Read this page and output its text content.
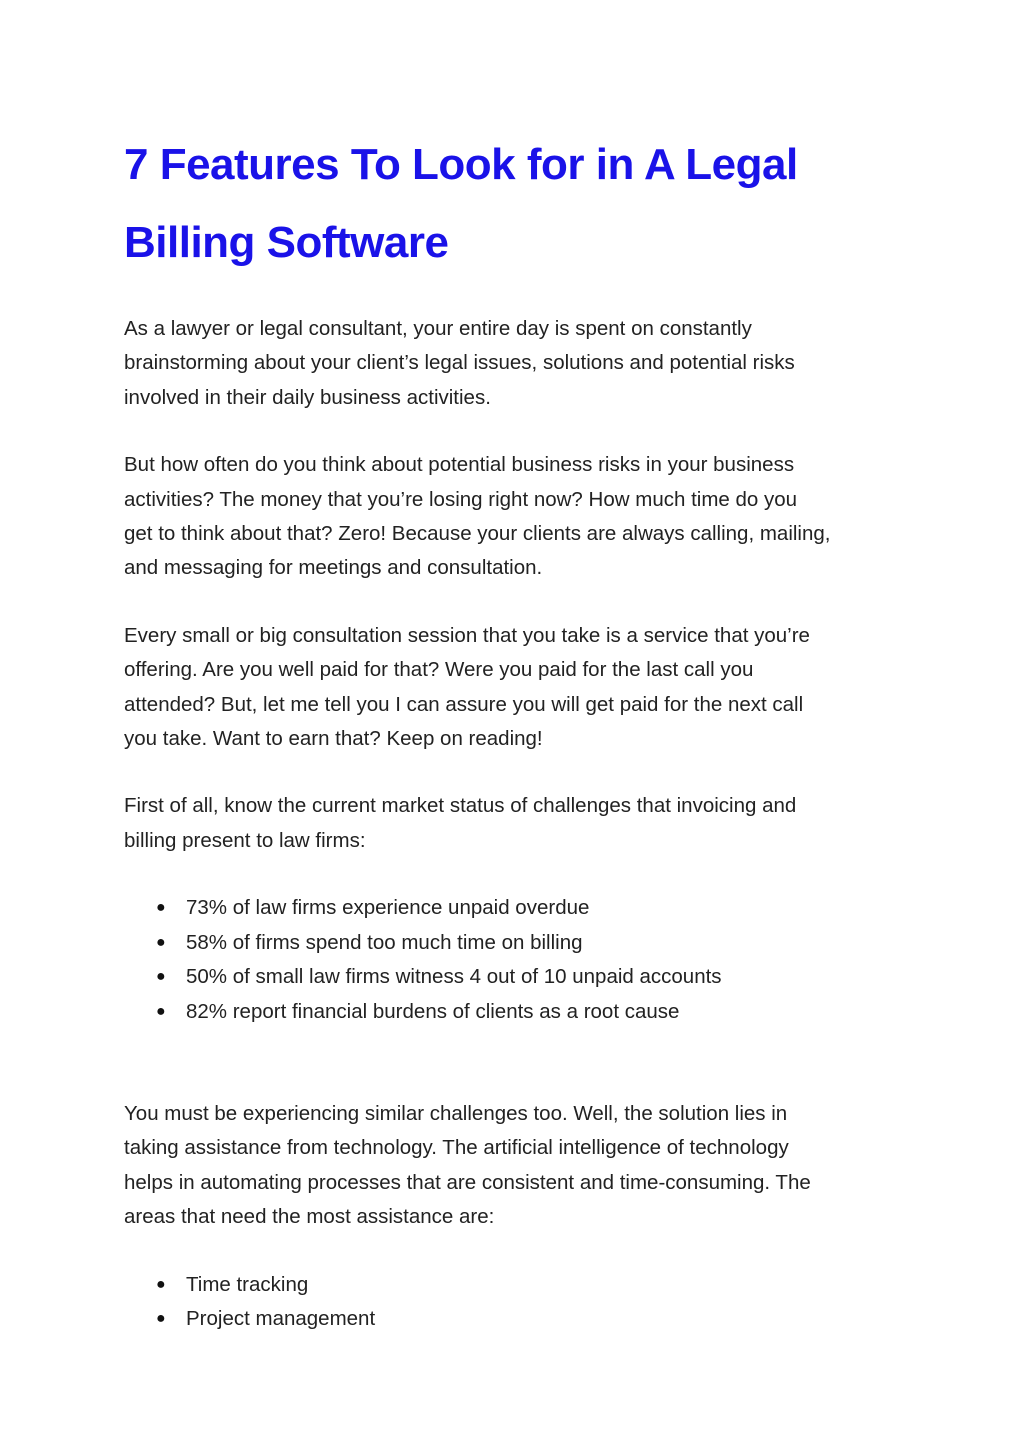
7 Features To Look for in A Legal
Billing Software

As a lawyer or legal consultant, your entire day is spent on constantly
brainstorming about your client’s legal issues, solutions and potential risks
involved in their daily business activities.

But how often do you think about potential business risks in your business
activities? The money that you’re losing right now? How much time do you
get to think about that? Zero! Because your clients are always calling, mailing,
and messaging for meetings and consultation.

Every small or big consultation session that you take is a service that you’re
offering. Are you well paid for that? Were you paid for the last call you
attended? But, let me tell you I can assure you will get paid for the next call
you take. Want to earn that? Keep on reading!

First of all, know the current market status of challenges that invoicing and
billing present to law firms:

● 73% of law firms experience unpaid overdue
● 58% of firms spend too much time on billing
● 50% of small law firms witness 4 out of 10 unpaid accounts
● 82% report financial burdens of clients as a root cause

You must be experiencing similar challenges too. Well, the solution lies in
taking assistance from technology. The artificial intelligence of technology
helps in automating processes that are consistent and time-consuming. The
areas that need the most assistance are:

● Time tracking
● Project management
